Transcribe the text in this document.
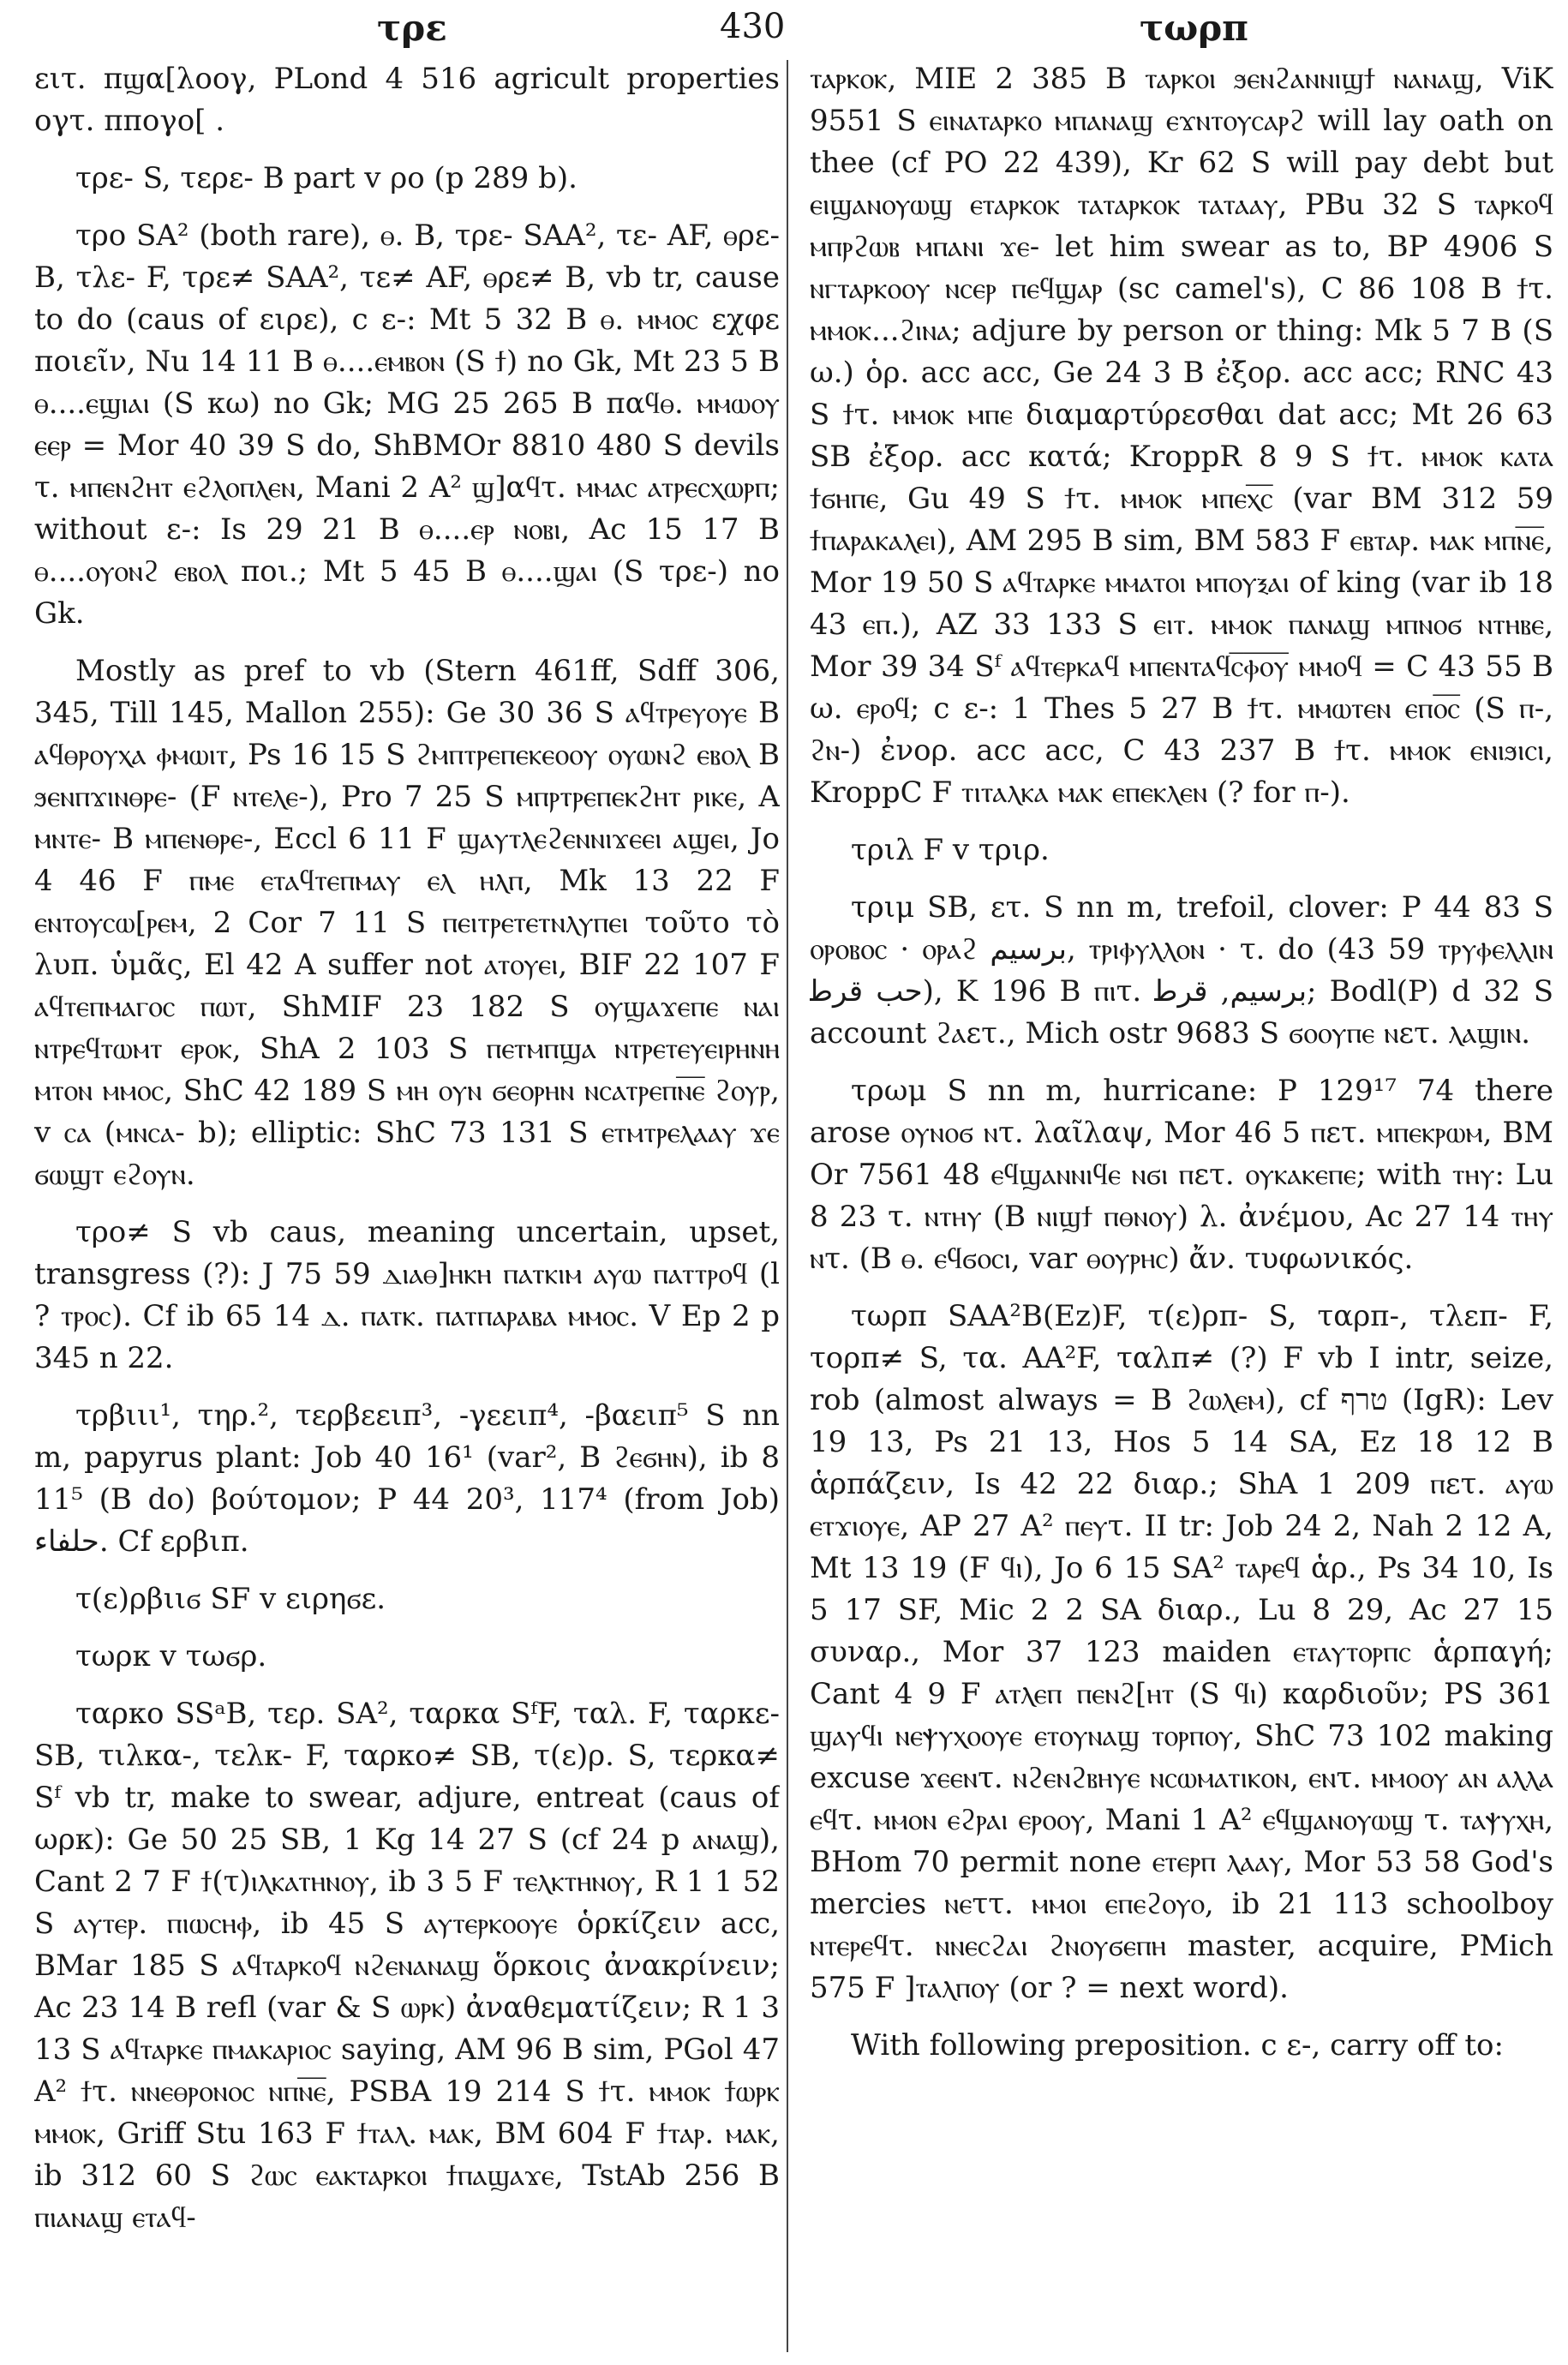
τρε	430	τωρπ

ειτ. πϣα[λοογ, PLond 4 516 agricult properties ογτ. ππογο[ .

τρε- S, τερε- B part v ρο (p 289 b).

τρο SA² (both rare), ⲑ. B, τρε- SAA², τε- AF, ⲑρε- B, τλε- F, τρε≠ SAA², τε≠ AF, ⲑρε≠ B, vb tr, cause to do (caus of ειρε), c ε-: Mt 5 32 B ⲑ. ⲙⲙⲟⲥ εχφε ποιεῖν, Nu 14 11 B ⲑ....ⲉⲙⲃⲟⲛ (S ϯ) no Gk, Mt 23 5 B ⲑ....ⲉϣⲓⲁⲓ (S κω) no Gk; MG 25 265 B παϥⲑ. ⲙⲙⲱⲟⲩ ⲉⲉⲣ = Mor 40 39 S do, ShBMOr 8810 480 S devils τ. ⲙⲡⲉⲛϩⲏⲧ ⲉϩⲗⲟⲡⲗⲉⲛ, Mani 2 A² ϣ]αϥτ. ⲙⲙⲁⲥ ⲁⲧⲣⲉⲥⲭⲱⲣⲡ; without ε-: Is 29 21 B ⲑ....ⲉⲣ ⲛⲟⲃⲓ, Ac 15 17 B ⲑ....ⲟⲩⲟⲛϩ ⲉⲃⲟⲗ ποι.; Mt 5 45 B ⲑ....ϣⲁⲓ (S τρε-) no Gk.

Mostly as pref to vb (Stern 461ff, Sdff 306, 345, Till 145, Mallon 255): Ge 30 36 S ⲁϥⲧⲣⲉⲩⲟⲩⲉ B ⲁϥⲑⲣⲟⲩⲭⲁ ⲫⲙⲱⲓⲧ, Ps 16 15 S ϩⲙⲡⲧⲣⲉⲡⲉⲕⲉⲟⲟⲩ ⲟⲩⲱⲛϩ ⲉⲃⲟⲗ B ϧⲉⲛⲡϫⲓⲛⲑⲣⲉ- (F ⲛⲧⲉⲗⲉ-), Pro 7 25 S ⲙⲡⲣⲧⲣⲉⲡⲉⲕϩⲏⲧ ⲣⲓⲕⲉ, A ⲙⲛⲧⲉ- B ⲙⲡⲉⲛⲑⲣⲉ-, Eccl 6 11 F ϣⲁⲩⲧⲗⲉϩⲉⲛⲛⲓϫⲉⲉⲓ ⲁϣⲉⲓ, Jo 4 46 F ⲡⲙⲉ ⲉⲧⲁϥⲧⲉⲡⲙⲁⲩ ⲉⲗ ⲏⲗⲡ, Mk 13 22 F ⲉⲛⲧⲟⲩⲥⲱ[ⲣⲉⲙ, 2 Cor 7 11 S ⲡⲉⲓⲧⲣⲉⲧⲉⲧⲛⲗⲩⲡⲉⲓ τοῦτο τὸ λυπ. ὑμᾶς, El 42 A suffer not ⲁⲧⲟⲩⲉⲓ, BIF 22 107 F ⲁϥⲧⲉⲡⲙⲁⲅⲟⲥ ⲡⲱⲧ, ShMIF 23 182 S ⲟⲩϣⲁϫⲉⲡⲉ ⲛⲁⲓ ⲛⲧⲣⲉϥⲧⲱⲙⲧ ⲉⲣⲟⲕ, ShA 2 103 S ⲡⲉⲧⲙⲡϣⲁ ⲛⲧⲣⲉⲧⲉⲩⲉⲓⲣⲏⲛⲏ ⲙⲧⲟⲛ ⲙⲙⲟⲥ, ShC 42 189 S ⲙⲏ ⲟⲩⲛ ϭⲉⲟⲣⲏⲛ ⲛⲥⲁⲧⲣⲉⲡⲛ̅ⲉ̅ ϩⲟⲩⲣ, v ⲥⲁ (ⲙⲛⲥⲁ- b); elliptic: ShC 73 131 S ⲉⲧⲙⲧⲣⲉⲗⲁⲁⲩ ϫⲉ ϭⲱϣⲧ ⲉϩⲟⲩⲛ.

τρο≠ S vb caus, meaning uncertain, upset, transgress (?): J 75 59 ⲇⲓⲁⲑ]ⲏⲕⲏ ⲡⲁⲧⲕⲓⲙ ⲁⲩⲱ ⲡⲁⲧⲧⲣⲟϥ (l ? ⲧⲣⲟⲥ). Cf ib 65 14 ⲇ. ⲡⲁⲧⲕ. ⲡⲁⲧⲡⲁⲣⲁⲃⲁ ⲙⲙⲟⲥ. V Ep 2 p 345 n 22.

τρβιιι¹, τηρ.², τερβεειπ³, -γεειπ⁴, -βαειπ⁵ S nn m, papyrus plant: Job 40 16¹ (var², B ϩⲉϭⲏⲛ), ib 8 11⁵ (B do) βούτομον; P 44 20³, 117⁴ (from Job) ﺣﻠﻔﺎء. Cf ερβιπ.

τ(ε)ρβιιϭ SF v ειρηϭε.

τωρκ v τωϭρ.

ταρκο SSᵃB, τερ. SA², ταρκα SᶠF, ταλ. F, ταρκε- SB, τιλκα-, τελκ- F, ταρκο≠ SB, τ(ε)ρ. S, τερκα≠ Sᶠ vb tr, make to swear, adjure, entreat (caus of ωρκ): Ge 50 25 SB, 1 Kg 14 27 S (cf 24 p ⲁⲛⲁϣ), Cant 2 7 F ϯ(τ)ⲓⲗⲕⲁⲧⲏⲛⲟⲩ, ib 3 5 F ⲧⲉⲗⲕⲧⲏⲛⲟⲩ, R 1 1 52 S ⲁⲩⲧⲉⲣ. ⲡⲓⲱⲥⲏⲫ, ib 45 S ⲁⲩⲧⲉⲣⲕⲟⲟⲩⲉ ὁρκίζειν acc, BMar 185 S ⲁϥⲧⲁⲣⲕⲟϥ ⲛϩⲉⲛⲁⲛⲁϣ ὅρκοις ἀνακρίνειν; Ac 23 14 B refl (var & S ⲱⲣⲕ) ἀναθεματίζειν; R 1 3 13 S ⲁϥⲧⲁⲣⲕⲉ ⲡⲙⲁⲕⲁⲣⲓⲟⲥ saying, AM 96 B sim, PGol 47 A² ϯτ. ⲛⲛⲉⲑⲣⲟⲛⲟⲥ ⲛⲡⲛ̅ⲉ̅, PSBA 19 214 S ϯτ. ⲙⲙⲟⲕ ϯⲱⲣⲕ ⲙⲙⲟⲕ, Griff Stu 163 F ϯⲧⲁⲗ. ⲙⲁⲕ, BM 604 F ϯⲧⲁⲣ. ⲙⲁⲕ, ib 312 60 S ϩⲱⲥ ⲉⲁⲕⲧⲁⲣⲕⲟⲓ ϯⲡⲁϣⲁϫⲉ, TstAb 256 B ⲡⲓⲁⲛⲁϣ ⲉⲧⲁϥ-

ⲧⲁⲣⲕⲟⲕ, MIE 2 385 B ⲧⲁⲣⲕⲟⲓ ϧⲉⲛϩⲁⲛⲛⲓϣϯ ⲛⲁⲛⲁϣ, ViK 9551 S ⲉⲓⲛⲁⲧⲁⲣⲕⲟ ⲙⲡⲁⲛⲁϣ ⲉϫⲛⲧⲟⲩⲥⲁⲣϩ will lay oath on thee (cf PO 22 439), Kr 62 S will pay debt but ⲉⲓϣⲁⲛⲟⲩⲱϣ ⲉⲧⲁⲣⲕⲟⲕ ⲧⲁⲧⲁⲣⲕⲟⲕ ⲧⲁⲧⲁⲁⲩ, PBu 32 S ⲧⲁⲣⲕⲟϥ ⲙⲡⲣϩⲱⲃ ⲙⲡⲁⲛⲓ ϫⲉ- let him swear as to, BP 4906 S ⲛⲅⲧⲁⲣⲕⲟⲟⲩ ⲛⲥⲉⲣ ⲡⲉϥϣⲁⲣ (sc camel's), C 86 108 B ϯτ. ⲙⲙⲟⲕ...ϩⲓⲛⲁ; adjure by person or thing: Mk 5 7 B (S ω.) ὁρ. acc acc, Ge 24 3 B ἐξορ. acc acc; RNC 43 S ϯτ. ⲙⲙⲟⲕ ⲙⲡⲉ διαμαρτύρεσθαι dat acc; Mt 26 63 SB ἐξορ. acc κατά; KroppR 8 9 S ϯτ. ⲙⲙⲟⲕ ⲕⲁⲧⲁ ϯϭⲏⲡⲉ, Gu 49 S ϯτ. ⲙⲙⲟⲕ ⲙⲡⲉⲭ̅ⲥ̅ (var BM 312 59 ϯⲡⲁⲣⲁⲕⲁⲗⲉⲓ), AM 295 B sim, BM 583 F ⲉⲃⲧⲁⲣ. ⲙⲁⲕ ⲙⲡⲛ̅ⲉ̅, Mor 19 50 S ⲁϥⲧⲁⲣⲕⲉ ⲙⲙⲁⲧⲟⲓ ⲙⲡⲟⲩⲝⲁⲓ of king (var ib 18 43 ⲉⲡ.), AZ 33 133 S ⲉⲓⲧ. ⲙⲙⲟⲕ ⲡⲁⲛⲁϣ ⲙⲡⲛⲟϭ ⲛⲧⲏⲃⲉ, Mor 39 34 Sᶠ ⲁϥⲧⲉⲣⲕⲁϥ ⲙⲡⲉⲛⲧⲁϥⲥ̅ⲫ̅ⲟ̅ⲩ̅ ⲙⲙⲟϥ = C 43 55 B ω. ⲉⲣⲟϥ; c ε-: 1 Thes 5 27 B ϯτ. ⲙⲙⲱⲧⲉⲛ ⲉⲡⲟ̅ⲥ̅ (S ⲡ-, ϩⲛ-) ἐνορ. acc acc, C 43 237 B ϯτ. ⲙⲙⲟⲕ ⲉⲛⲓϧⲓⲥⲓ, KroppC F ⲧⲓⲧⲁⲗⲕⲁ ⲙⲁⲕ ⲉⲡⲉⲕⲗⲉⲛ (? for ⲡ-).

τριλ F v τριρ.

τριμ SB, ετ. S nn m, trefoil, clover: P 44 83 S ⲟⲣⲟⲃⲟⲥ · ⲟⲣⲁϩ ﺑﺮﺳﻴﻢ, ⲧⲣⲓⲫⲩⲗⲗⲟⲛ · τ. do (43 59 ⲧⲣⲩⲫⲉⲗⲗⲓⲛ ﺣﺐ ﻗﺮﻃ), K 196 B ⲡⲓτ. ﺑﺮﺳﻴﻢ, ﻗﺮﻃ; Bodl(P) d 32 S account ϩⲁετ., Mich ostr 9683 S ϭⲟⲟⲩⲡⲉ ⲛετ. ⲗⲁϣⲓⲛ.

τρωμ S nn m, hurricane: P 129¹⁷ 74 there arose ⲟⲩⲛⲟϭ ⲛτ. λαῖλαψ, Mor 46 5 ⲡετ. ⲙⲡⲉⲕⲣⲱⲙ, BM Or 7561 48 ⲉϥϣⲁⲛⲛⲓϥⲉ ⲛϭⲓ ⲡετ. ⲟⲩⲕⲁⲕⲉⲡⲉ; with ⲧⲏⲩ: Lu 8 23 τ. ⲛⲧⲏⲩ (B ⲛⲓϣϯ ⲡⲑⲛⲟⲩ) λ. ἀνέμου, Ac 27 14 ⲧⲏⲩ ⲛτ. (B ⲑ. ⲉϥϭⲟⲥⲓ, var ⲑⲟⲩⲣⲏⲥ) ἄν. τυφωνικός.

τωρπ SAA²B(Ez)F, τ(ε)ρπ- S, ταρπ-, τλεπ- F, τορπ≠ S, τα. AA²F, ταλπ≠ (?) F vb I intr, seize, rob (almost always = B ϩⲱⲗⲉⲙ), cf טרף (IgR): Lev 19 13, Ps 21 13, Hos 5 14 SA, Ez 18 12 B ἁρπάζειν, Is 42 22 διαρ.; ShA 1 209 ⲡετ. ⲁⲩⲱ ⲉⲧϫⲓⲟⲩⲉ, AP 27 A² ⲡⲉⲩτ. II tr: Job 24 2, Nah 2 12 A, Mt 13 19 (F ϥⲓ), Jo 6 15 SA² ⲧⲁⲣⲉϥ ἁρ., Ps 34 10, Is 5 17 SF, Mic 2 2 SA διαρ., Lu 8 29, Ac 27 15 συναρ., Mor 37 123 maiden ⲉⲧⲁⲩⲧⲟⲣⲡⲥ ἁρπαγή; Cant 4 9 F ⲁⲧⲗⲉⲡ ⲡⲉⲛϩ[ⲏⲧ (S ϥⲓ) καρδιοῦν; PS 361 ϣⲁⲩϥⲓ ⲛⲉⲯⲩⲭⲟⲟⲩⲉ ⲉⲧⲟⲩⲛⲁϣ ⲧⲟⲣⲡⲟⲩ, ShC 73 102 making excuse ϫⲉⲉⲛτ. ⲛϩⲉⲛϩⲃⲏⲩⲉ ⲛⲥⲱⲙⲁⲧⲓⲕⲟⲛ, ⲉⲛτ. ⲙⲙⲟⲟⲩ ⲁⲛ ⲁⲗⲗⲁ ⲉϥτ. ⲙⲙⲟⲛ ⲉϩⲣⲁⲓ ⲉⲣⲟⲟⲩ, Mani 1 A² ⲉϥϣⲁⲛⲟⲩⲱϣ τ. ⲧⲁⲯⲩⲭⲏ, BHom 70 permit none ⲉⲧⲉⲣⲡ ⲗⲁⲁⲩ, Mor 53 58 God's mercies ⲛⲉττ. ⲙⲙⲟⲓ ⲉⲡⲉϩⲟⲩⲟ, ib 21 113 schoolboy ⲛⲧⲉⲣⲉϥτ. ⲛⲛⲉⲥϩⲁⲓ ϩⲛⲟⲩϭⲉⲡⲏ master, acquire, PMich 575 F ]ⲧⲁⲗⲡⲟⲩ (or ? = next word).

With following preposition. c ε-, carry off to:
